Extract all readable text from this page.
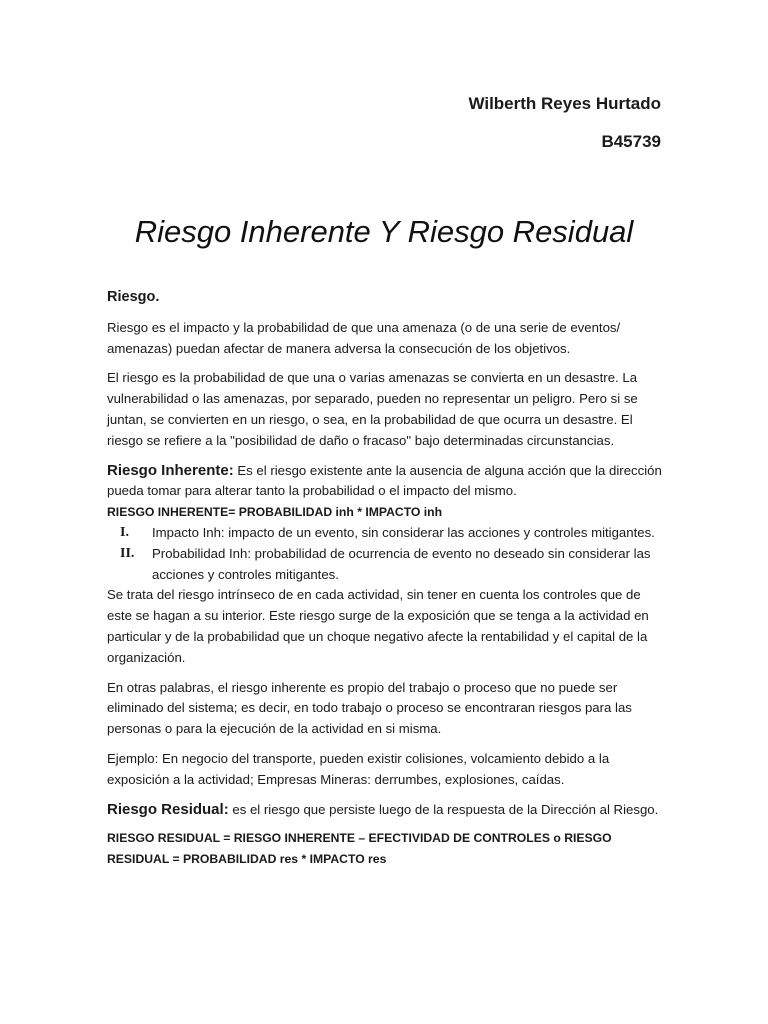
Wilberth Reyes Hurtado
B45739
Riesgo Inherente Y Riesgo Residual
Riesgo.

Riesgo es el impacto y la probabilidad de que una amenaza (o de una serie de eventos/ amenazas) puedan afectar de manera adversa la consecución de los objetivos.

El riesgo es la probabilidad de que una o varias amenazas se convierta en un desastre. La vulnerabilidad o las amenazas, por separado, pueden no representar un peligro. Pero si se juntan, se convierten en un riesgo, o sea, en la probabilidad de que ocurra un desastre. El riesgo se refiere a la "posibilidad de daño o fracaso" bajo determinadas circunstancias.

Riesgo Inherente: Es el riesgo existente ante la ausencia de alguna acción que la dirección pueda tomar para alterar tanto la probabilidad o el impacto del mismo.

RIESGO INHERENTE= PROBABILIDAD inh * IMPACTO inh

I. Impacto Inh: impacto de un evento, sin considerar las acciones y controles mitigantes.
II. Probabilidad Inh: probabilidad de ocurrencia de evento no deseado sin considerar las acciones y controles mitigantes.

Se trata del riesgo intrínseco de en cada actividad, sin tener en cuenta los controles que de este se hagan a su interior. Este riesgo surge de la exposición que se tenga a la actividad en particular y de la probabilidad que un choque negativo afecte la rentabilidad y el capital de la organización.

En otras palabras, el riesgo inherente es propio del trabajo o proceso que no puede ser eliminado del sistema; es decir, en todo trabajo o proceso se encontraran riesgos para las personas o para la ejecución de la actividad en si misma.

Ejemplo: En negocio del transporte, pueden existir colisiones, volcamiento debido a la exposición a la actividad; Empresas Mineras: derrumbes, explosiones, caídas.

Riesgo Residual: es el riesgo que persiste luego de la respuesta de la Dirección al Riesgo.

RIESGO RESIDUAL = RIESGO INHERENTE – EFECTIVIDAD DE CONTROLES o RIESGO RESIDUAL = PROBABILIDAD res * IMPACTO res
